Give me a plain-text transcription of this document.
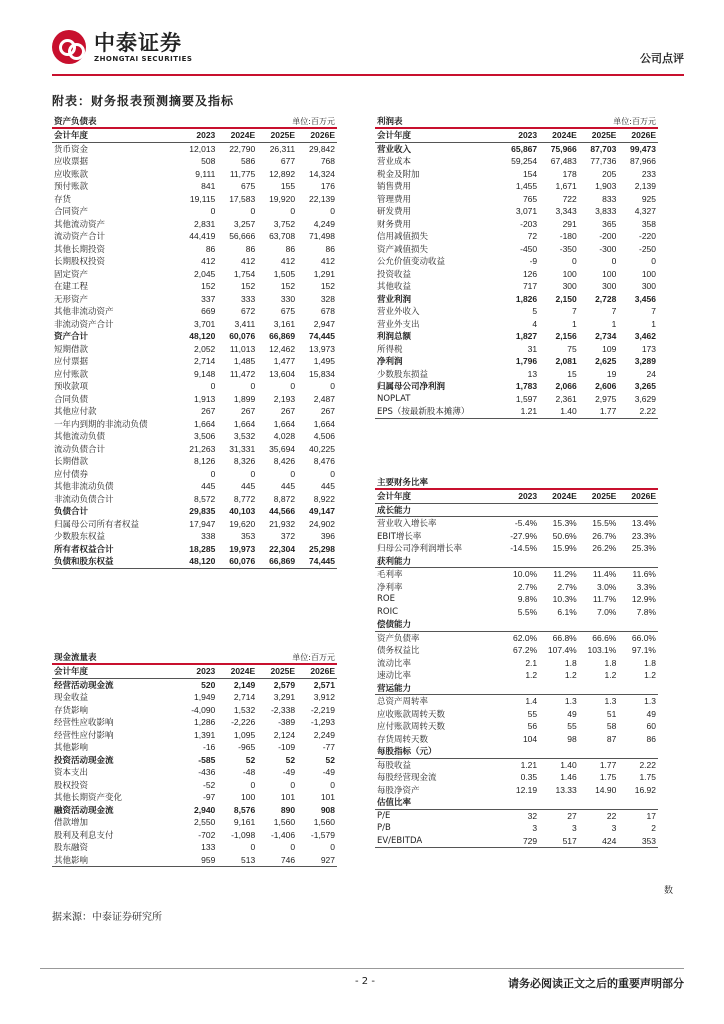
中泰证券
ZHONGTAI SECURITIES	公司点评
附表：财务报表预测摘要及指标
资产负债表			单位:百万元	
会计年度	2023	2024E	2025E	2026E
货币资金	12,013	22,790	26,311	29,842
应收票据	508	586	677	768
应收账款	9,111	11,775	12,892	14,324
预付账款	841	675	155	176
存货	19,115	17,583	19,920	22,139
合同资产	0	0	0	0
其他流动资产	2,831	3,257	3,752	4,249
流动资产合计	44,419	56,666	63,708	71,498
其他长期投资	86	86	86	86
长期股权投资	412	412	412	412
固定资产	2,045	1,754	1,505	1,291
在建工程	152	152	152	152
无形资产	337	333	330	328
其他非流动资产	669	672	675	678
非流动资产合计	3,701	3,411	3,161	2,947
资产合计	48,120	60,076	66,869	74,445
短期借款	2,052	11,013	12,462	13,973
应付票据	2,714	1,485	1,477	1,495
应付账款	9,148	11,472	13,604	15,834
预收款项	0	0	0	0
合同负债	1,913	1,899	2,193	2,487
其他应付款	267	267	267	267
一年内到期的非流动负债	1,664	1,664	1,664	1,664
其他流动负债	3,506	3,532	4,028	4,506
流动负债合计	21,263	31,331	35,694	40,225
长期借款	8,126	8,326	8,426	8,476
应付债券	0	0	0	0
其他非流动负债	445	445	445	445
非流动负债合计	8,572	8,772	8,872	8,922
负债合计	29,835	40,103	44,566	49,147
归属母公司所有者权益	17,947	19,620	21,932	24,902
少数股东权益	338	353	372	396
所有者权益合计	18,285	19,973	22,304	25,298
负债和股东权益	48,120	60,076	66,869	74,445
利润表			单位:百万元	
会计年度	2023	2024E	2025E	2026E
营业收入	65,867	75,966	87,703	99,473
营业成本	59,254	67,483	77,736	87,966
税金及附加	154	178	205	233
销售费用	1,455	1,671	1,903	2,139
管理费用	765	722	833	925
研发费用	3,071	3,343	3,833	4,327
财务费用	-203	291	365	358
信用减值损失	72	-180	-200	-220
资产减值损失	-450	-350	-300	-250
公允价值变动收益	-9	0	0	0
投资收益	126	100	100	100
其他收益	717	300	300	300
营业利润	1,826	2,150	2,728	3,456
营业外收入	5	7	7	7
营业外支出	4	1	1	1
利润总额	1,827	2,156	2,734	3,462
所得税	31	75	109	173
净利润	1,796	2,081	2,625	3,289
少数股东损益	13	15	19	24
归属母公司净利润	1,783	2,066	2,606	3,265
NOPLAT	1,597	2,361	2,975	3,629
EPS（按最新股本摊薄）	1.21	1.40	1.77	2.22
主要财务比率				
会计年度	2023	2024E	2025E	2026E
成长能力				
营业收入增长率	-5.4%	15.3%	15.5%	13.4%
EBIT增长率	-27.9%	50.6%	26.7%	23.3%
归母公司净利润增长率	-14.5%	15.9%	26.2%	25.3%
获利能力				
毛利率	10.0%	11.2%	11.4%	11.6%
净利率	2.7%	2.7%	3.0%	3.3%
ROE	9.8%	10.3%	11.7%	12.9%
ROIC	5.5%	6.1%	7.0%	7.8%
偿债能力				
资产负债率	62.0%	66.8%	66.6%	66.0%
债务权益比	67.2%	107.4%	103.1%	97.1%
流动比率	2.1	1.8	1.8	1.8
速动比率	1.2	1.2	1.2	1.2
营运能力				
总资产周转率	1.4	1.3	1.3	1.3
应收账款周转天数	55	49	51	49
应付账款周转天数	56	55	58	60
存货周转天数	104	98	87	86
每股指标（元）				
每股收益	1.21	1.40	1.77	2.22
每股经营现金流	0.35	1.46	1.75	1.75
每股净资产	12.19	13.33	14.90	16.92
估值比率				
P/E	32	27	22	17
P/B	3	3	3	2
EV/EBITDA	729	517	424	353
现金流量表			单位:百万元	
会计年度	2023	2024E	2025E	2026E
经营活动现金流	520	2,149	2,579	2,571
现金收益	1,949	2,714	3,291	3,912
存货影响	-4,090	1,532	-2,338	-2,219
经营性应收影响	1,286	-2,226	-389	-1,293
经营性应付影响	1,391	1,095	2,124	2,249
其他影响	-16	-965	-109	-77
投资活动现金流	-585	52	52	52
资本支出	-436	-48	-49	-49
股权投资	-52	0	0	0
其他长期资产变化	-97	100	101	101
融资活动现金流	2,940	8,576	890	908
借款增加	2,550	9,161	1,560	1,560
股利及利息支付	-702	-1,098	-1,406	-1,579
股东融资	133	0	0	0
其他影响	959	513	746	927
数
据来源：中泰证券研究所
- 2 -	请务必阅读正文之后的重要声明部分
